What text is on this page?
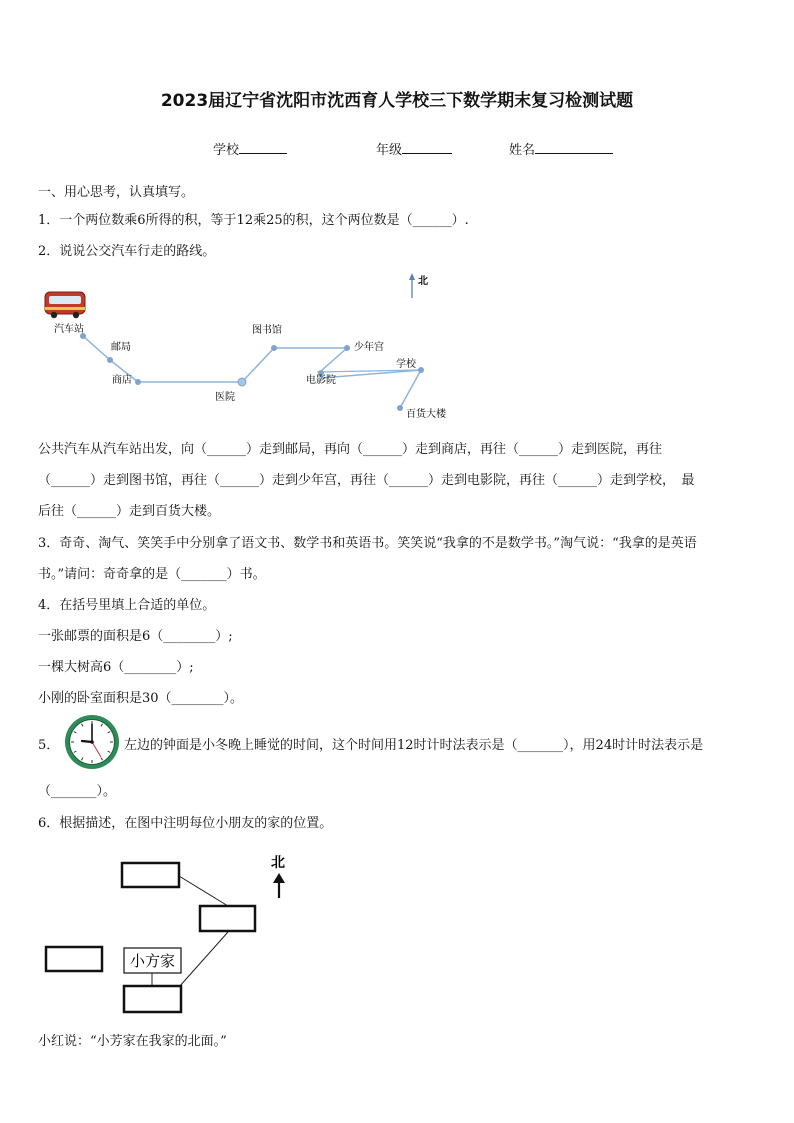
2023届辽宁省沈阳市沈西育人学校三下数学期末复习检测试题
学校	年级	姓名
一、用心思考，认真填写。
1．一个两位数乘6所得的积，等于12乘25的积，这个两位数是（______）.
2．说说公交汽车行走的路线。
北
汽车站
邮局
商店
医院
图书馆
少年宫
电影院
学校
百货大楼
公共汽车从汽车站出发，向（______）走到邮局，再向（______）走到商店，再往（______）走到医院，再往
（______）走到图书馆，再往（______）走到少年宫，再往（______）走到电影院，再往（______）走到学校，　最
后往（______）走到百货大楼。
3．奇奇、淘气、笑笑手中分别拿了语文书、数学书和英语书。笑笑说“我拿的不是数学书。”淘气说：“我拿的是英语
书。”请问：奇奇拿的是（_______）书。
4．在括号里填上合适的单位。
一张邮票的面积是6（________）;
一棵大树高6（________）;
小刚的卧室面积是30（________）。
5．	左边的钟面是小冬晚上睡觉的时间，这个时间用12时计时法表示是（_______），用24时计时法表示是
（_______）。
6．根据描述，在图中注明每位小朋友的家的位置。
小方家
北
小红说：“小芳家在我家的北面。”
